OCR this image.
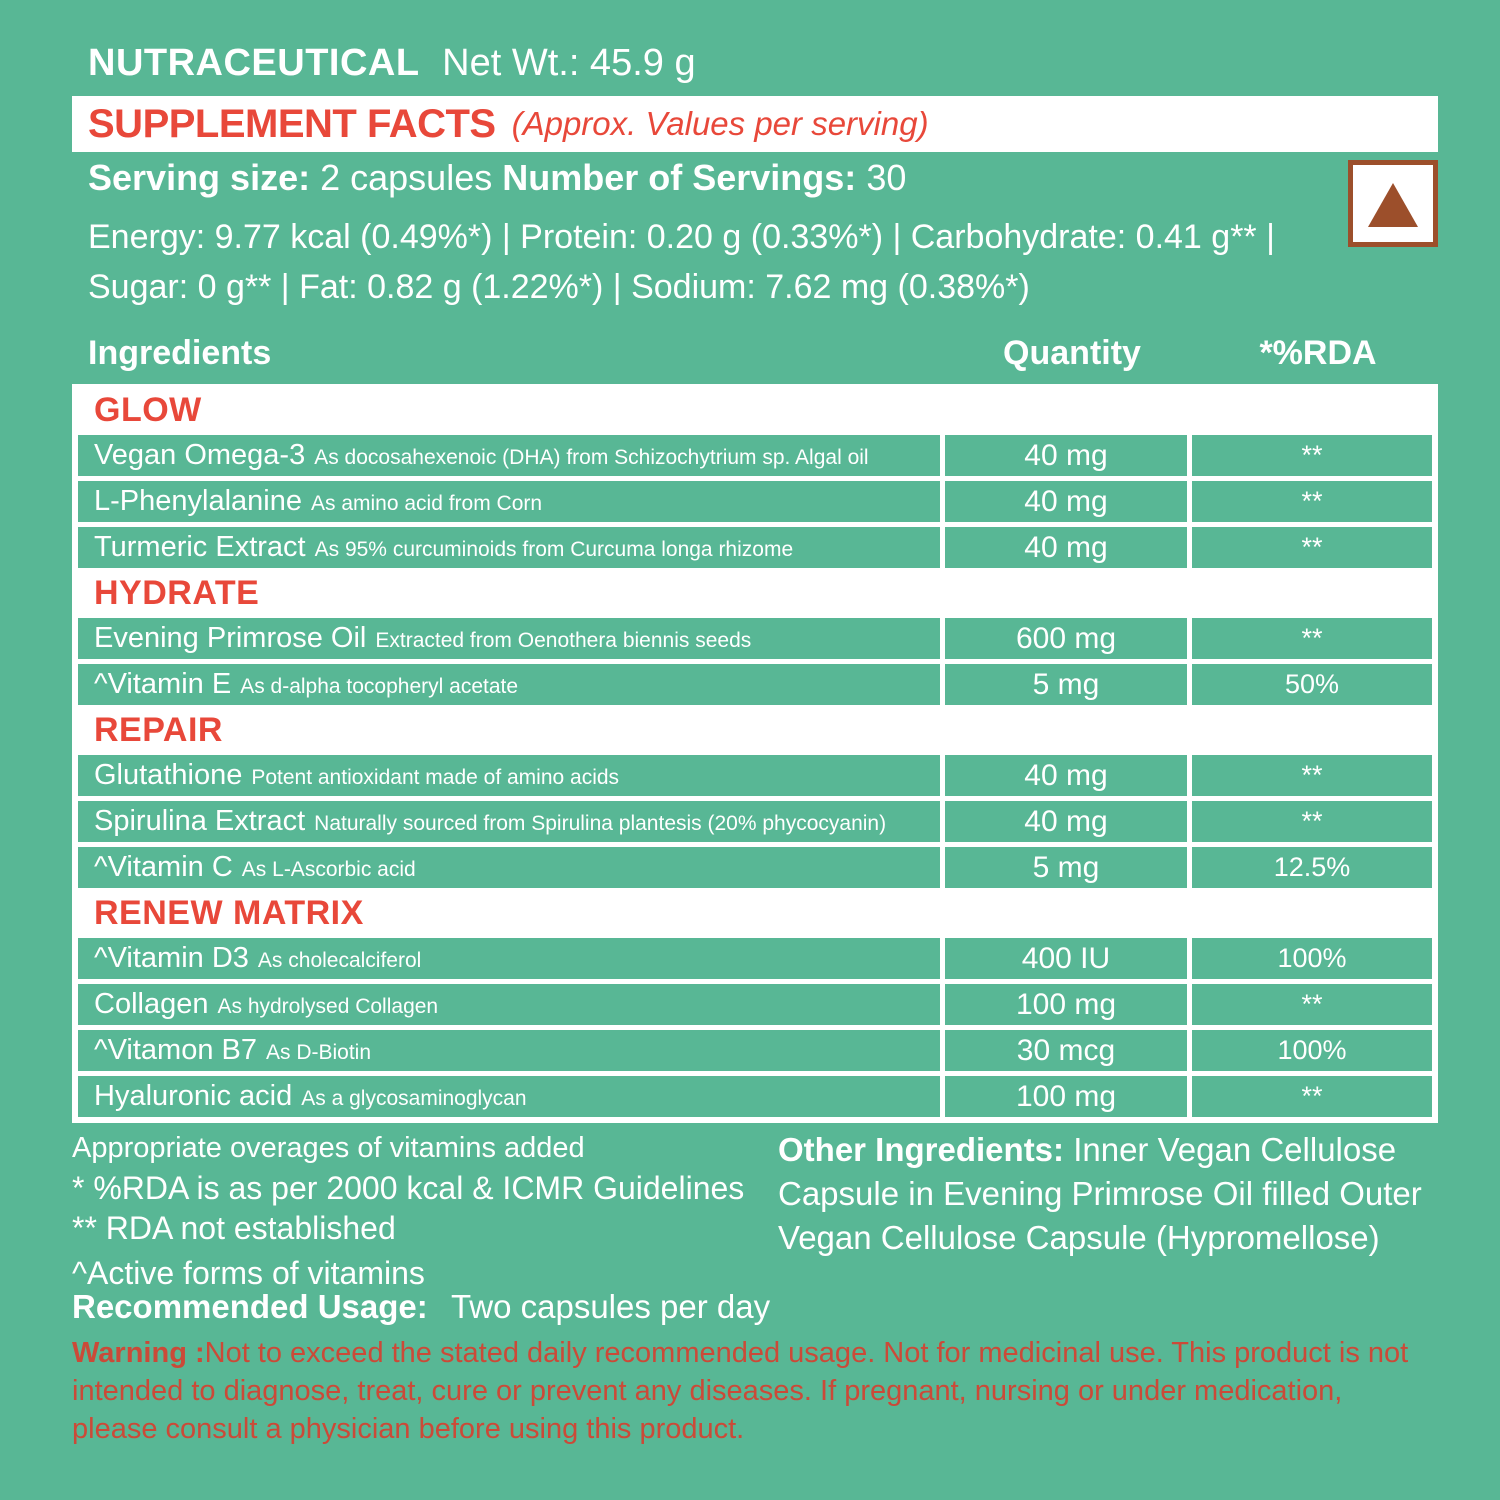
NUTRACEUTICAL Net Wt.: 45.9 g
SUPPLEMENT FACTS (Approx. Values per serving)
Serving size: 2 capsules Number of Servings: 30
Energy: 9.77 kcal (0.49%*) | Protein: 0.20 g (0.33%*) | Carbohydrate: 0.41 g** |
Sugar: 0 g** | Fat: 0.82 g (1.22%*) | Sodium: 7.62 mg (0.38%*)
Ingredients	Quantity	*%RDA
GLOW
Vegan Omega-3 As docosahexenoic (DHA) from Schizochytrium sp. Algal oil	40 mg	**
L-Phenylalanine As amino acid from Corn	40 mg	**
Turmeric Extract As 95% curcuminoids from Curcuma longa rhizome	40 mg	**
HYDRATE
Evening Primrose Oil Extracted from Oenothera biennis seeds	600 mg	**
^Vitamin E As d-alpha tocopheryl acetate	5 mg	50%
REPAIR
Glutathione Potent antioxidant made of amino acids	40 mg	**
Spirulina Extract Naturally sourced from Spirulina plantesis (20% phycocyanin)	40 mg	**
^Vitamin C As L-Ascorbic acid	5 mg	12.5%
RENEW MATRIX
^Vitamin D3 As cholecalciferol	400 IU	100%
Collagen As hydrolysed Collagen	100 mg	**
^Vitamon B7 As D-Biotin	30 mcg	100%
Hyaluronic acid As a glycosaminoglycan	100 mg	**
Appropriate overages of vitamins added
* %RDA is as per 2000 kcal & ICMR Guidelines
** RDA not established
^Active forms of vitamins
Recommended Usage: Two capsules per day
Other Ingredients: Inner Vegan Cellulose Capsule in Evening Primrose Oil filled Outer Vegan Cellulose Capsule (Hypromellose)
Warning :Not to exceed the stated daily recommended usage. Not for medicinal use. This product is not intended to diagnose, treat, cure or prevent any diseases. If pregnant, nursing or under medication, please consult a physician before using this product.
